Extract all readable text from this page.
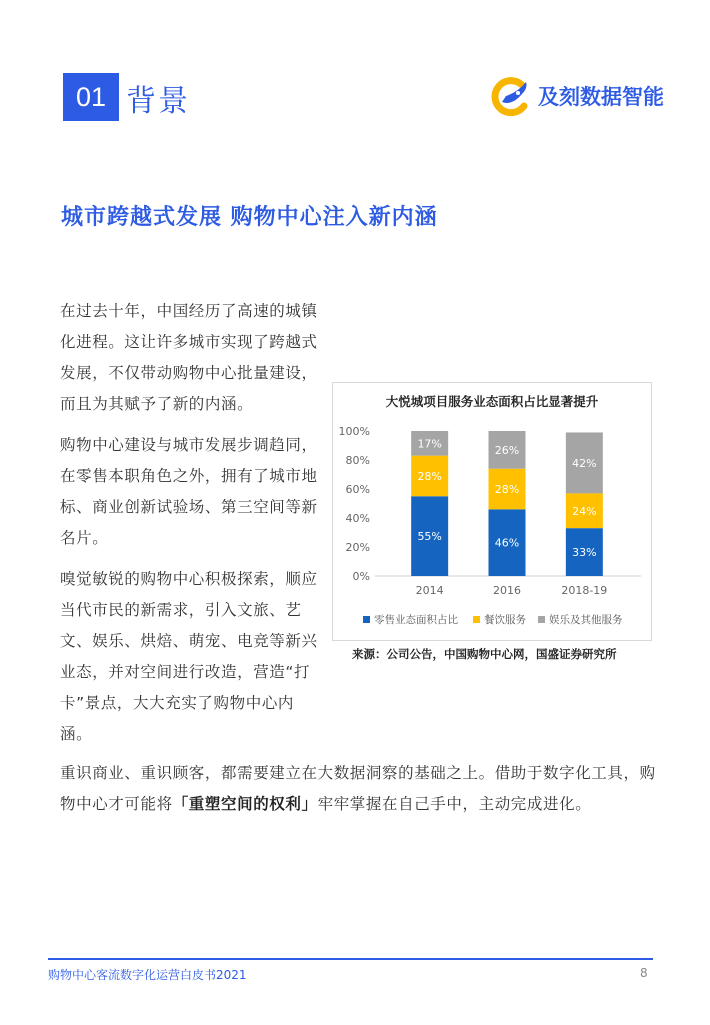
01 背景	及刻数据智能
城市跨越式发展 购物中心注入新内涵

在过去十年，中国经历了高速的城镇化进程。这让许多城市实现了跨越式发展，不仅带动购物中心批量建设，而且为其赋予了新的内涵。

购物中心建设与城市发展步调趋同，在零售本职角色之外，拥有了城市地标、商业创新试验场、第三空间等新名片。

嗅觉敏锐的购物中心积极探索，顺应当代市民的新需求，引入文旅、艺文、娱乐、烘焙、萌宠、电竞等新兴业态，并对空间进行改造，营造“打卡”景点，大大充实了购物中心内涵。

大悦城项目服务业态面积占比显著提升
0%
20%
40%
60%
80%
100%
55%
28%
17%
2014
46%
28%
26%
2016
33%
24%
42%
2018-19
零售业态面积占比 餐饮服务 娱乐及其他服务
来源：公司公告，中国购物中心网，国盛证券研究所
重识商业、重识顾客，都需要建立在大数据洞察的基础之上。借助于数字化工具，购物中心才可能将「重塑空间的权利」牢牢掌握在自己手中，主动完成进化。
购物中心客流数字化运营白皮书2021	8
